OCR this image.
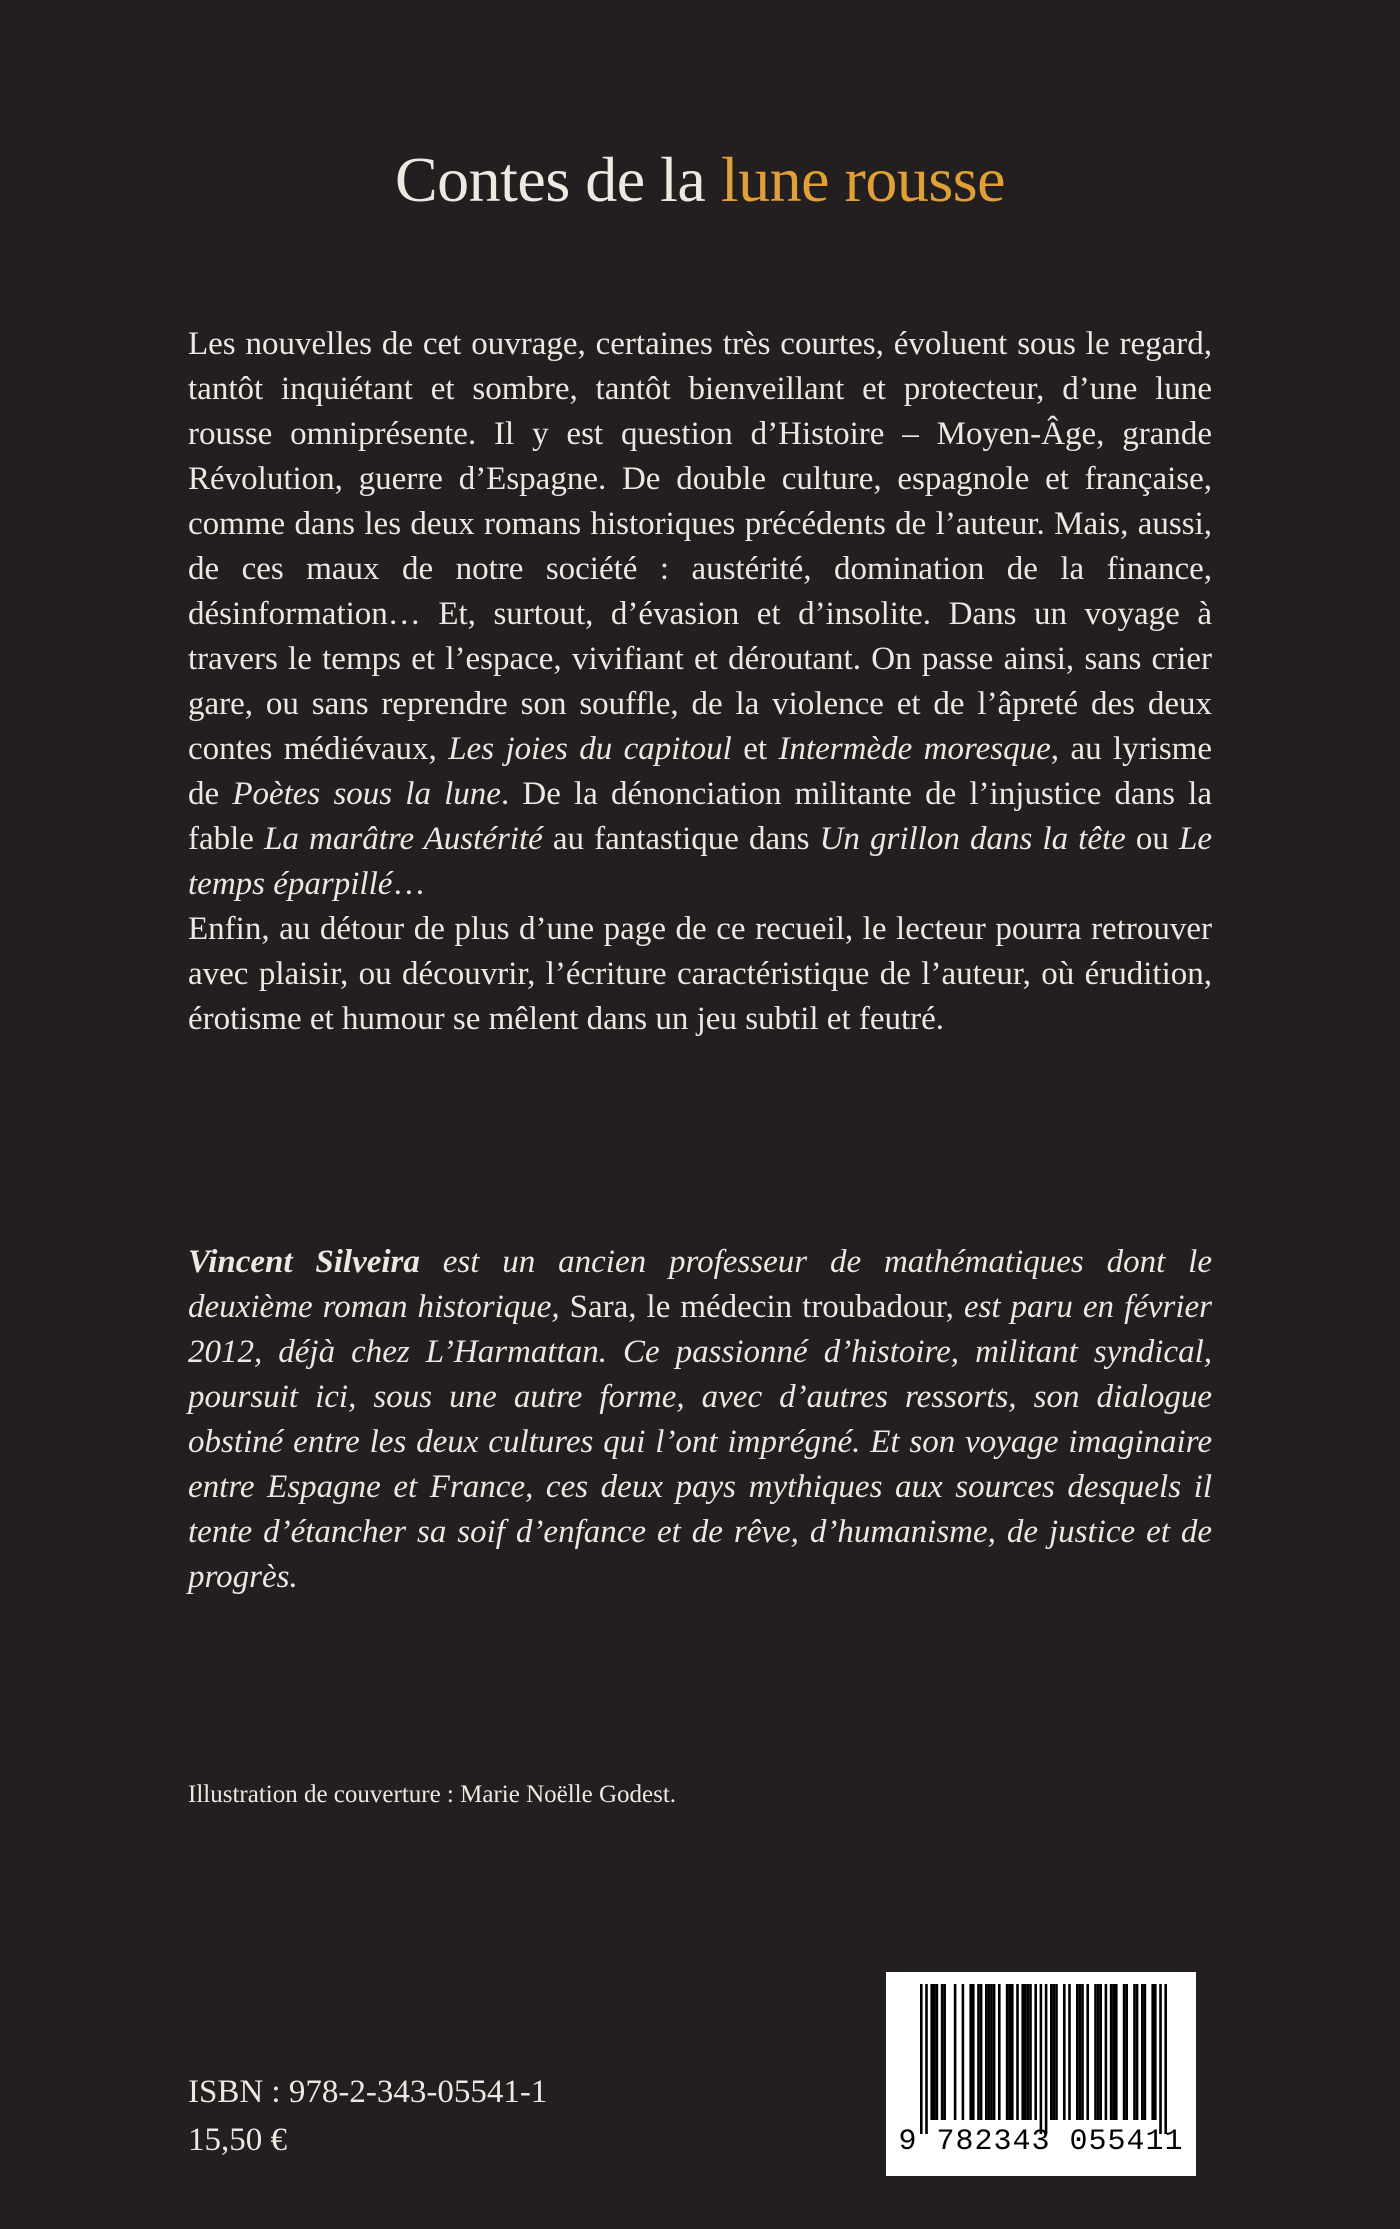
Contes de la lune rousse

Les nouvelles de cet ouvrage, certaines très courtes, évoluent sous le regard, tantôt inquiétant et sombre, tantôt bienveillant et protecteur, d’une lune rousse omniprésente. Il y est question d’Histoire – Moyen-Âge, grande Révolution, guerre d’Espagne. De double culture, espagnole et française, comme dans les deux romans historiques précédents de l’auteur. Mais, aussi, de ces maux de notre société : austérité, domination de la finance, désinformation… Et, surtout, d’évasion et d’insolite. Dans un voyage à travers le temps et l’espace, vivifiant et déroutant. On passe ainsi, sans crier gare, ou sans reprendre son souffle, de la violence et de l’âpreté des deux contes médiévaux, Les joies du capitoul et Intermède moresque, au lyrisme de Poètes sous la lune. De la dénonciation militante de l’injustice dans la fable La marâtre Austérité au fantastique dans Un grillon dans la tête ou Le temps éparpillé…

Enfin, au détour de plus d’une page de ce recueil, le lecteur pourra retrouver avec plaisir, ou découvrir, l’écriture caractéristique de l’auteur, où érudition, érotisme et humour se mêlent dans un jeu subtil et feutré.

Vincent Silveira est un ancien professeur de mathématiques dont le deuxième roman historique, Sara, le médecin troubadour, est paru en février 2012, déjà chez L’Harmattan. Ce passionné d’histoire, militant syndical, poursuit ici, sous une autre forme, avec d’autres ressorts, son dialogue obstiné entre les deux cultures qui l’ont imprégné. Et son voyage imaginaire entre Espagne et France, ces deux pays mythiques aux sources desquels il tente d’étancher sa soif d’enfance et de rêve, d’humanisme, de justice et de progrès.

Illustration de couverture : Marie Noëlle Godest.
ISBN : 978-2-343-05541-1
15,50 €	9 782343 055411
